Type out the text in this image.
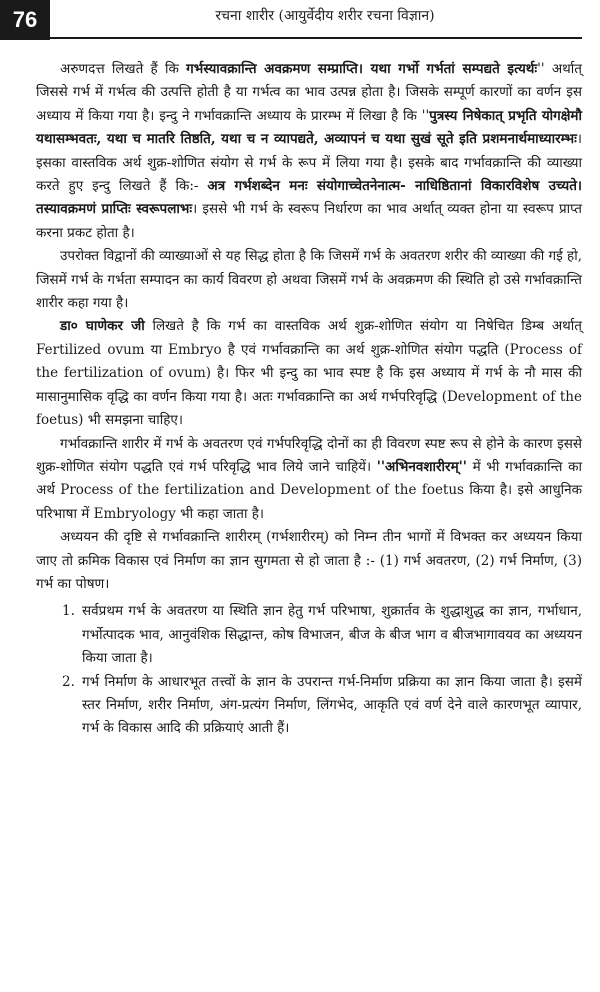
76	रचना शारीर (आयुर्वेदीय शरीर रचना विज्ञान)

अरुणदत्त लिखते हैं कि गर्भस्यावक्रान्ति अवक्रमण सम्प्राप्ति। यथा गर्भो गर्भतां सम्पद्यते इत्यर्थः'' अर्थात् जिससे गर्भ में गर्भत्व की उत्पत्ति होती है या गर्भत्व का भाव उत्पन्न होता है। जिसके सम्पूर्ण कारणों का वर्णन इस अध्याय में किया गया है। इन्दु ने गर्भावक्रान्ति अध्याय के प्रारम्भ में लिखा है कि ''पुत्रस्य निषेकात् प्रभृति योगक्षेमौ यथासम्भवतः, यथा च मातरि तिष्ठति, यथा च न व्यापद्यते, अव्यापनं च यथा सुखं सूते इति प्रशमनार्थमाध्यारम्भः। इसका वास्तविक अर्थ शुक्र-शोणित संयोग से गर्भ के रूप में लिया गया है। इसके बाद गर्भावक्रान्ति की व्याख्या करते हुए इन्दु लिखते हैं कि:- अत्र गर्भशब्देन मनः संयोगाच्चेतनेनात्म- नाधिष्ठितानां विकारविशेष उच्यते। तस्यावक्रमणं प्राप्तिः स्वरूपलाभः। इससे भी गर्भ के स्वरूप निर्धारण का भाव अर्थात् व्यक्त होना या स्वरूप प्राप्त करना प्रकट होता है।

उपरोक्त विद्वानों की व्याख्याओं से यह सिद्ध होता है कि जिसमें गर्भ के अवतरण शरीर की व्याख्या की गई हो, जिसमें गर्भ के गर्भता सम्पादन का कार्य विवरण हो अथवा जिसमें गर्भ के अवक्रमण की स्थिति हो उसे गर्भावक्रान्ति शारीर कहा गया है।

डा० घाणेकर जी लिखते है कि गर्भ का वास्तविक अर्थ शुक्र-शोणित संयोग या निषेचित डिम्ब अर्थात् Fertilized ovum या Embryo है एवं गर्भावक्रान्ति का अर्थ शुक्र-शोणित संयोग पद्धति (Process of the fertilization of ovum) है। फिर भी इन्दु का भाव स्पष्ट है कि इस अध्याय में गर्भ के नौ मास की मासानुमासिक वृद्धि का वर्णन किया गया है। अतः गर्भावक्रान्ति का अर्थ गर्भपरिवृद्धि (Development of the foetus) भी समझना चाहिए।

गर्भावक्रान्ति शारीर में गर्भ के अवतरण एवं गर्भपरिवृद्धि दोनों का ही विवरण स्पष्ट रूप से होने के कारण इससे शुक्र-शोणित संयोग पद्धति एवं गर्भ परिवृद्धि भाव लिये जाने चाहियें। ''अभिनवशारीरम्'' में भी गर्भावक्रान्ति का अर्थ Process of the fertilization and Development of the foetus किया है। इसे आधुनिक परिभाषा में Embryology भी कहा जाता है।

अध्ययन की दृष्टि से गर्भावक्रान्ति शारीरम् (गर्भशारीरम्) को निम्न तीन भागों में विभक्त कर अध्ययन किया जाए तो क्रमिक विकास एवं निर्माण का ज्ञान सुगमता से हो जाता है :- (1) गर्भ अवतरण, (2) गर्भ निर्माण, (3) गर्भ का पोषण।

1. सर्वप्रथम गर्भ के अवतरण या स्थिति ज्ञान हेतु गर्भ परिभाषा, शुक्रार्तव के शुद्धाशुद्ध का ज्ञान, गर्भाधान, गर्भोत्पादक भाव, आनुवंशिक सिद्धान्त, कोष विभाजन, बीज के बीज भाग व बीजभागावयव का अध्ययन किया जाता है।
2. गर्भ निर्माण के आधारभूत तत्त्वों के ज्ञान के उपरान्त गर्भ-निर्माण प्रक्रिया का ज्ञान किया जाता है। इसमें स्तर निर्माण, शरीर निर्माण, अंग-प्रत्यंग निर्माण, लिंगभेद, आकृति एवं वर्ण देने वाले कारणभूत व्यापार, गर्भ के विकास आदि की प्रक्रियाएं आती हैं।
